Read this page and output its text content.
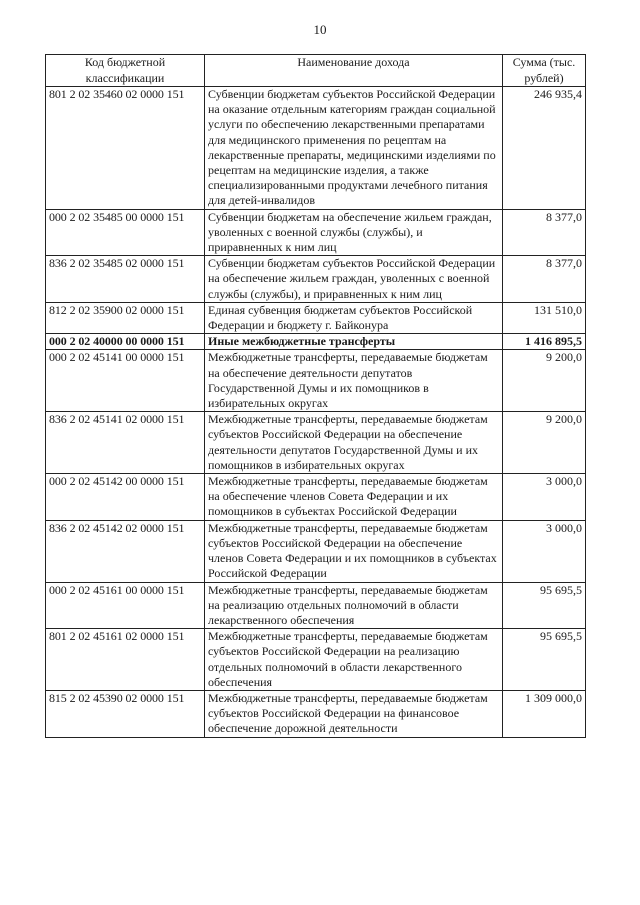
10
Код бюджетной классификации	Наименование дохода	Сумма (тыс. рублей)
801 2 02 35460 02 0000 151	Субвенции бюджетам субъектов Российской Федерации на оказание отдельным категориям граждан социальной услуги по обеспечению лекарственными препаратами для медицинского применения по рецептам на лекарственные препараты, медицинскими изделиями по рецептам на медицинские изделия, а также специализированными продуктами лечебного питания для детей-инвалидов	246 935,4
000 2 02 35485 00 0000 151	Субвенции бюджетам на обеспечение жильем граждан, уволенных с военной службы (службы), и приравненных к ним лиц	8 377,0
836 2 02 35485 02 0000 151	Субвенции бюджетам субъектов Российской Федерации на обеспечение жильем граждан, уволенных с военной службы (службы), и приравненных к ним лиц	8 377,0
812 2 02 35900 02 0000 151	Единая субвенция бюджетам субъектов Российской Федерации и бюджету г. Байконура	131 510,0
000 2 02 40000 00 0000 151	Иные межбюджетные трансферты	1 416 895,5
000 2 02 45141 00 0000 151	Межбюджетные трансферты, передаваемые бюджетам на обеспечение деятельности депутатов Государственной Думы и их помощников в избирательных округах	9 200,0
836 2 02 45141 02 0000 151	Межбюджетные трансферты, передаваемые бюджетам субъектов Российской Федерации на обеспечение деятельности депутатов Государственной Думы и их помощников в избирательных округах	9 200,0
000 2 02 45142 00 0000 151	Межбюджетные трансферты, передаваемые бюджетам на обеспечение членов Совета Федерации и их помощников в субъектах Российской Федерации	3 000,0
836 2 02 45142 02 0000 151	Межбюджетные трансферты, передаваемые бюджетам субъектов Российской Федерации на обеспечение членов Совета Федерации и их помощников в субъектах Российской Федерации	3 000,0
000 2 02 45161 00 0000 151	Межбюджетные трансферты, передаваемые бюджетам на реализацию отдельных полномочий в области лекарственного обеспечения	95 695,5
801 2 02 45161 02 0000 151	Межбюджетные трансферты, передаваемые бюджетам субъектов Российской Федерации на реализацию отдельных полномочий в области лекарственного обеспечения	95 695,5
815 2 02 45390 02 0000 151	Межбюджетные трансферты, передаваемые бюджетам субъектов Российской Федерации на финансовое обеспечение дорожной деятельности	1 309 000,0
